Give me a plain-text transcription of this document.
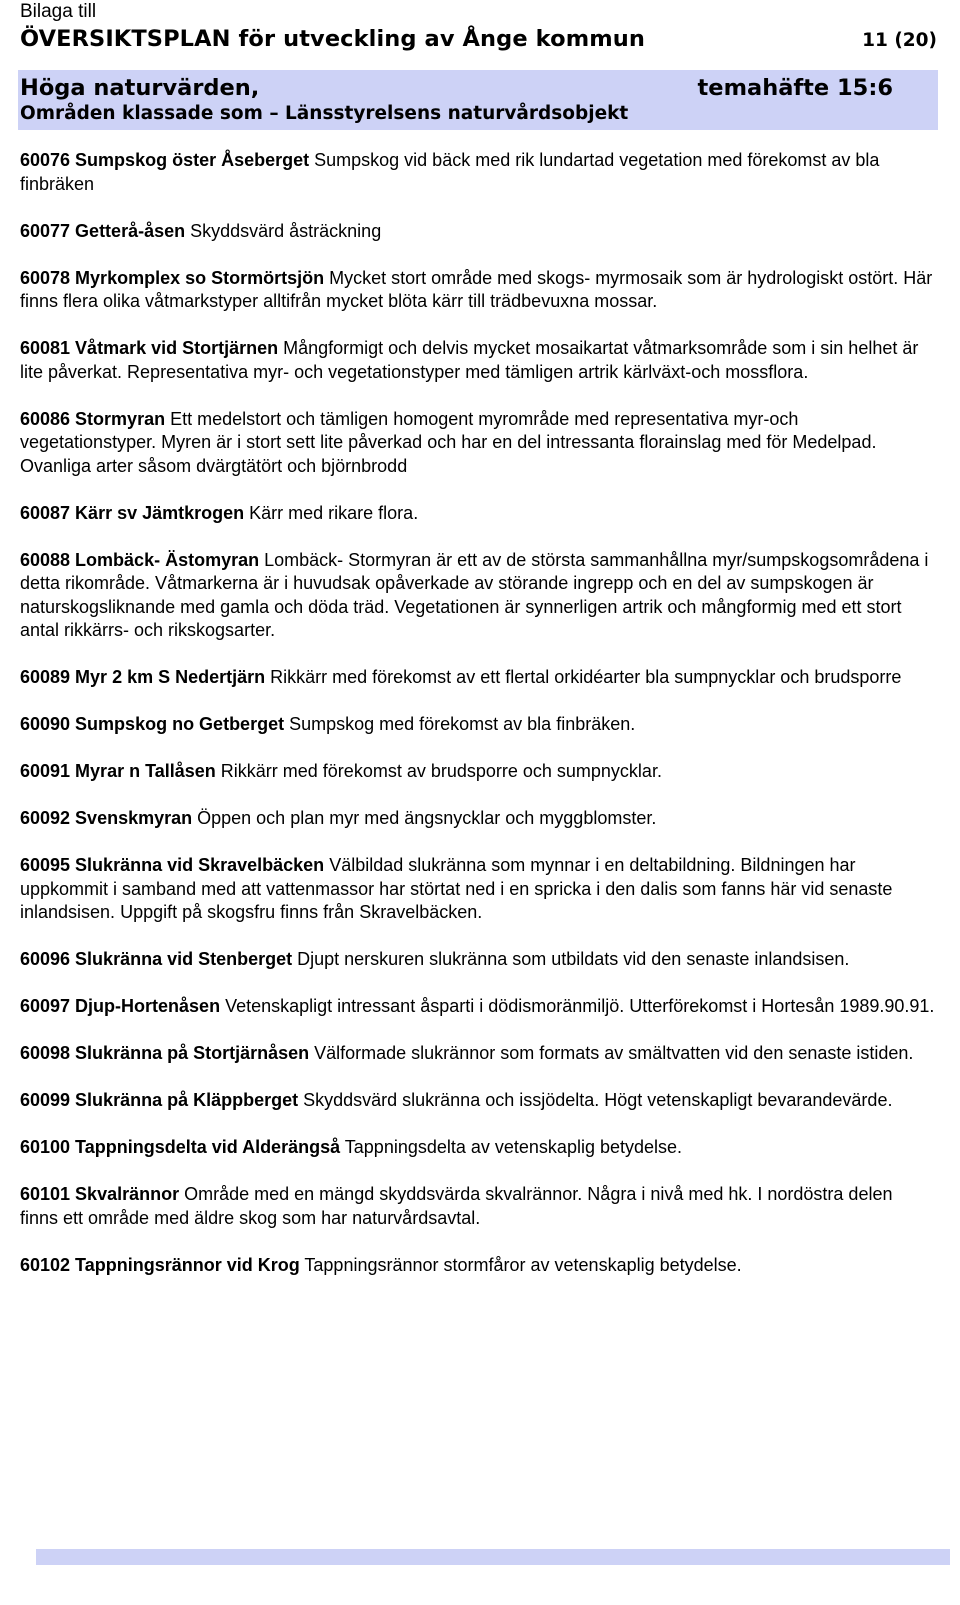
Bilaga till
ÖVERSIKTSPLAN för utveckling av Ånge kommun	11 (20)
Höga naturvärden,	temahäfte 15:6
Områden klassade som – Länsstyrelsens naturvårdsobjekt

60076 Sumpskog öster Åseberget Sumpskog vid bäck med rik lundartad vegetation med förekomst av bla finbräken

60077 Getterå-åsen Skyddsvärd åsträckning

60078 Myrkomplex so Stormörtsjön Mycket stort område med skogs- myrmosaik som är hydrologiskt ostört. Här finns flera olika våtmarkstyper alltifrån mycket blöta kärr till trädbevuxna mossar.

60081 Våtmark vid Stortjärnen Mångformigt och delvis mycket mosaikartat våtmarksområde som i sin helhet är lite påverkat. Representativa myr- och vegetationstyper med tämligen artrik kärlväxt-och mossflora.

60086 Stormyran Ett medelstort och tämligen homogent myrområde med representativa myr-och vegetationstyper. Myren är i stort sett lite påverkad och har en del intressanta florainslag med för Medelpad. Ovanliga arter såsom dvärgtätört och björnbrodd

60087 Kärr sv Jämtkrogen Kärr med rikare flora.

60088 Lombäck- Ästomyran Lombäck- Stormyran är ett av de största sammanhållna myr/sumpskogsområdena i detta rikområde. Våtmarkerna är i huvudsak opåverkade av störande ingrepp och en del av sumpskogen är naturskogsliknande med gamla och döda träd. Vegetationen är synnerligen artrik och mångformig med ett stort antal rikkärrs- och rikskogsarter.

60089 Myr 2 km S Nedertjärn Rikkärr med förekomst av ett flertal orkidéarter bla sumpnycklar och brudsporre

60090 Sumpskog no Getberget Sumpskog med förekomst av bla finbräken.

60091 Myrar n Tallåsen Rikkärr med förekomst av brudsporre och sumpnycklar.

60092 Svenskmyran Öppen och plan myr med ängsnycklar och myggblomster.

60095 Slukränna vid Skravelbäcken Välbildad slukränna som mynnar i en deltabildning. Bildningen har uppkommit i samband med att vattenmassor har störtat ned i en spricka i den dalis som fanns här vid senaste inlandsisen. Uppgift på skogsfru finns från Skravelbäcken.

60096 Slukränna vid Stenberget Djupt nerskuren slukränna som utbildats vid den senaste inlandsisen.

60097 Djup-Hortenåsen Vetenskapligt intressant åsparti i dödismoränmiljö. Utterförekomst i Hortesån 1989.90.91.

60098 Slukränna på Stortjärnåsen Välformade slukrännor som formats av smältvatten vid den senaste istiden.

60099 Slukränna på Kläppberget Skyddsvärd slukränna och issjödelta. Högt vetenskapligt bevarandevärde.

60100 Tappningsdelta vid Alderängså Tappningsdelta av vetenskaplig betydelse.

60101 Skvalrännor Område med en mängd skyddsvärda skvalrännor. Några i nivå med hk. I nordöstra delen finns ett område med äldre skog som har naturvårdsavtal.

60102 Tappningsrännor vid Krog Tappningsrännor stormfåror av vetenskaplig betydelse.
